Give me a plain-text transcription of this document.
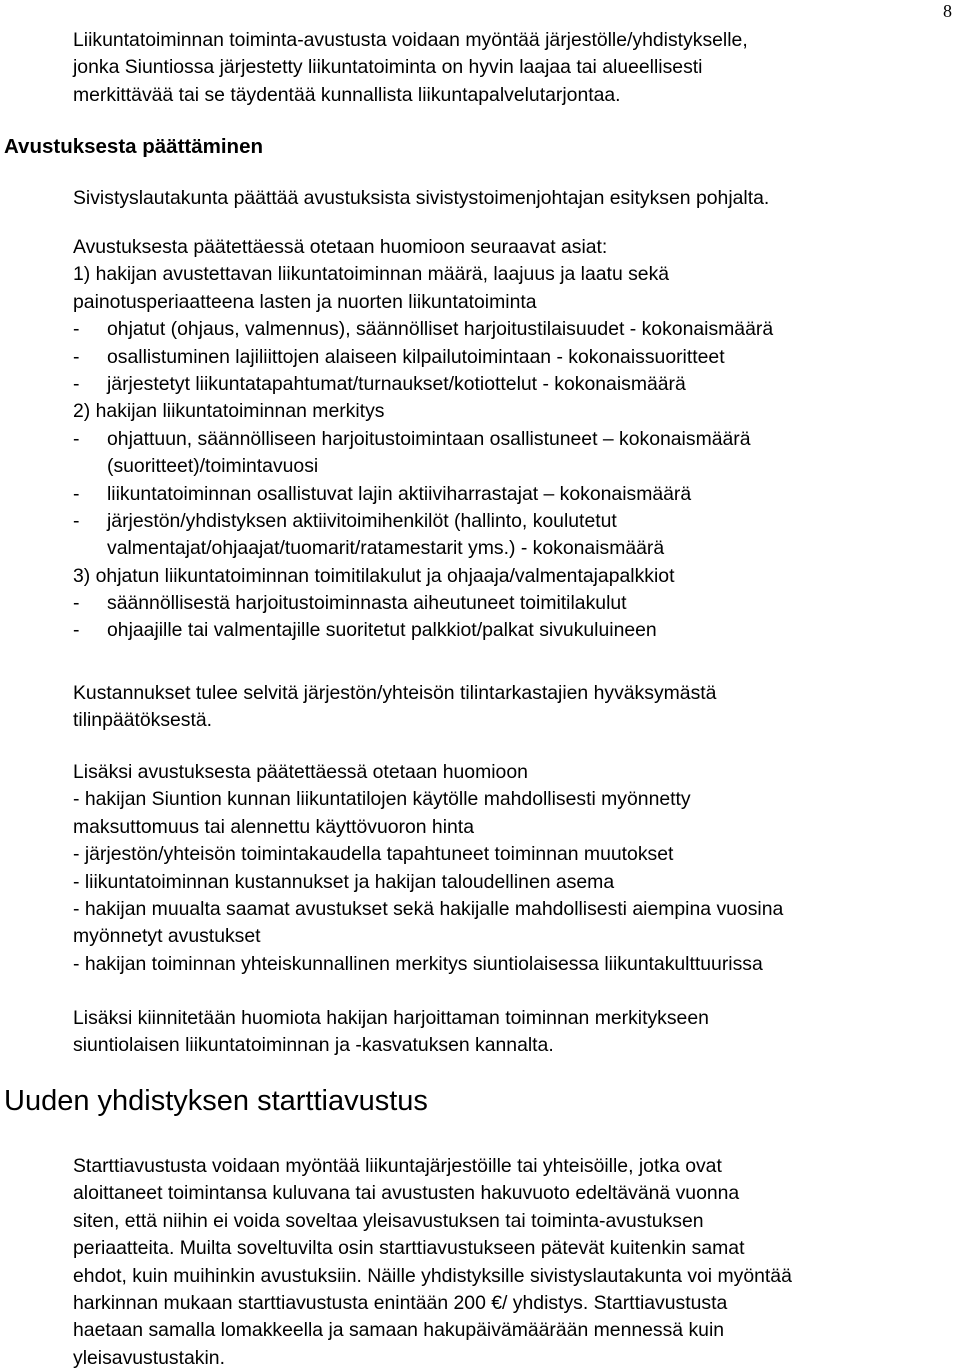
8
Liikuntatoiminnan toiminta-avustusta voidaan myöntää järjestölle/yhdistykselle,
jonka Siuntiossa järjestetty liikuntatoiminta on hyvin laajaa tai alueellisesti
merkittävää tai se täydentää kunnallista liikuntapalvelutarjontaa.
Avustuksesta päättäminen
Sivistyslautakunta päättää avustuksista sivistystoimenjohtajan esityksen pohjalta.
Avustuksesta päätettäessä otetaan huomioon seuraavat asiat:
1) hakijan avustettavan liikuntatoiminnan määrä, laajuus ja laatu sekä
painotusperiaatteena lasten ja nuorten liikuntatoiminta
-	ohjatut (ohjaus, valmennus), säännölliset harjoitustilaisuudet - kokonaismäärä
-	osallistuminen lajiliittojen alaiseen kilpailutoimintaan - kokonaissuoritteet
-	järjestetyt liikuntatapahtumat/turnaukset/kotiottelut - kokonaismäärä
2) hakijan liikuntatoiminnan merkitys
-	ohjattuun, säännölliseen harjoitustoimintaan osallistuneet – kokonaismäärä
(suoritteet)/toimintavuosi
-	liikuntatoiminnan osallistuvat lajin aktiiviharrastajat – kokonaismäärä
-	järjestön/yhdistyksen aktiivitoimihenkilöt (hallinto, koulutetut
valmentajat/ohjaajat/tuomarit/ratamestarit yms.) - kokonaismäärä
3) ohjatun liikuntatoiminnan toimitilakulut ja ohjaaja/valmentajapalkkiot
-	säännöllisestä harjoitustoiminnasta aiheutuneet toimitilakulut
-	ohjaajille tai valmentajille suoritetut palkkiot/palkat sivukuluineen
Kustannukset tulee selvitä järjestön/yhteisön tilintarkastajien hyväksymästä
tilinpäätöksestä.
Lisäksi avustuksesta päätettäessä otetaan huomioon
- hakijan Siuntion kunnan liikuntatilojen käytölle mahdollisesti myönnetty
maksuttomuus tai alennettu käyttövuoron hinta
- järjestön/yhteisön toimintakaudella tapahtuneet toiminnan muutokset
- liikuntatoiminnan kustannukset ja hakijan taloudellinen asema
- hakijan muualta saamat avustukset sekä hakijalle mahdollisesti aiempina vuosina
myönnetyt avustukset
- hakijan toiminnan yhteiskunnallinen merkitys siuntiolaisessa liikuntakulttuurissa
Lisäksi kiinnitetään huomiota hakijan harjoittaman toiminnan merkitykseen
siuntiolaisen liikuntatoiminnan ja -kasvatuksen kannalta.
Uuden yhdistyksen starttiavustus
Starttiavustusta voidaan myöntää liikuntajärjestöille tai yhteisöille, jotka ovat
aloittaneet toimintansa kuluvana tai avustusten hakuvuoto edeltävänä vuonna
siten, että niihin ei voida soveltaa yleisavustuksen tai toiminta-avustuksen
periaatteita. Muilta soveltuvilta osin starttiavustukseen pätevät kuitenkin samat
ehdot, kuin muihinkin avustuksiin. Näille yhdistyksille sivistyslautakunta voi myöntää
harkinnan mukaan starttiavustusta enintään 200 €/ yhdistys. Starttiavustusta
haetaan samalla lomakkeella ja samaan hakupäivämäärään mennessä kuin
yleisavustustakin.
